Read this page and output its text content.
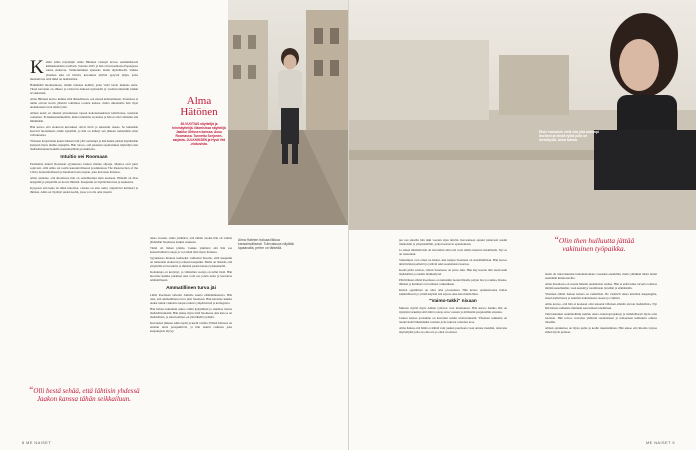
Kehitä Alma näyttelijät Alma Hätönen vainajat kertoo ensimmäisestä käännekohdasta urallaan. Vuonna 2025 ja hän oli kuvaamassa Espanjassa suurta elokuvaa. Valikoituminen ajaneetto tuntui täydelliseltä. Vaikka yhteinen aika oli tiivistä, kuvaukset jättivät pysyvät jäljen, jotka muistuttavat siitä mikä on mahdollista.

Haikähtäin huomaamaan, tehtiin tutustua kohtiin, jotka vielä toivat mukana uutta. Tässä kasvanut on ahkera ja tarttuvan mukaan nyttuneitä ja vaaliarvomuistiin kaikki arvokkaisiin.

Alma Hätönen kertoo kuinka siitä ihmeelliseen, sen edessä kohtaamiseen. Suomessa ei tunnu olevan kovin yhteistä toimintaa roolien kanssa, mutta ulkomailla hän löysi uudenlaisen tavan tehdä työtä.

Alman uusin on alkanut pirsuttuneen tapaan kokonaisuuksista kahviloissa, tuomaan vaalennot. Ei kulkusuunnitelmia, mutta tunnelma on kirkas ja hän ei olisi vaihtanut sitä mihinkään.

Hän kertoo että elokuvan kuvaukset olivat tiivis ja aikataulu raskas. Se kuitenkin kasvatti luottamusta omiin kykyihin, ja hän on nähnyt sen jälkeen tarkemmin omat vahvuutensa.

Yhteisen harjoittelun kautta hänestä tuli yhä varmempi ja hän halusi päästä näyttämään kykynsä myös muille ohjaajille. Hän toivoo, että jokainen suomalainen näyttelijä saisi mahdollisuuden kokeilla kansainvälisiä produktioita.

Intuitio vei Roomaan

Pariskunta muutti Roomaan syyskuussa Jaakon tilattua ohjaaja. Muutos osui juuri sopivasti, sillä Alma sai roolin kansainvälisessä produktiossa The Resurrection of the Christ. Kansainväliseen ja huomattavaan sarjaan, joka kuvataan Italiassa.

Alma ajattelee, että Roomassa hän on onnellisempi kuin koskaan. Hänellä on tilaa hengittää ja ympärillä on luovia ihmisiä. Kaupunki on täynnä historiaa ja kauneutta.

Kysyessä että kuka tai mikä innoittaa, vastaus on aina sama: ympäröivä kulttuuri ja ihmiset. Alma on löytänyt uuden kodin, jossa voi olla oma itsensä.

“Olli bestä sehää, että lähtisin yhdessä Jaakon kanssa tähän seikkailuun.
Alma Hätönen
36-VUOTIAS näyttelijä ja teininäyttelijä. Naimisissa näyttelijä Jaakko Ohtosen kanssa. Asuu Roomassa. Tunnettu Sorjonen-sarjasta, JULKKIKSEN ja Hyvä Veli -elokuvista.

takaa vuoden. Alma ymmärsi, että tämän vuoksi hän oli valmis jättämään Suomessa kaiken taakseen.

Tämä oli tärkeä päätös. Jaakko ymmärsi että hän saa kansainvälisiä rooleja ja voi tehdä töitä myös Italiassa.

Syyskuussa muuton kohteeksi valikoitui Rooma, sillä kaupunki on tunnetusti elokuvan ja taiteen kaupunki. Heille on tärkeää, että ympärillä on luovuutta ja ihmisiä joiden kanssa työskennellä.

Kontakteja on kertynyt, ja vähitellen rooleja on tullut lisää. Hän kuvailee kuinka jokainen uusi rooli tuo jotain uutta ja kasvattaa ammatillisesti.

Ammatillinen turva jäi

Lähtö Roomaan tarkoitti Almalle suurta elämänmuutosta. Hän tiesi, että ammatillinen turva jäisi Suomeen. Hän kuvailee kuinka aluksi tuntui vaikealta luopua tutusta ympäristöstä ja kollegoista.

Hän haluaa kuitenkin uskoa omiin kykyihinsä ja uskaltaa tarttua mahdollisuuksiin. Hän jatkaa myös töitä Suomessa aina kun se on mahdollista, ja siksi kotimaa on yhä lähellä sydäntä.

Kuvausten jälkeen Alma lepää ja kerää voimia. Elämä Italiassa on antanut uutta perspektiiviä, ja hän nauttii rauhasta joka kaupungista löytyy.

Alma Hatinen haluaa liikkua kansainvälisesti. Tulevaisuus näyttää lupaavalta, perhe on tärkeää.
8 ME NAISET
Etsin haluaisin vielä olla yhä aidompi itselleni ja tehdä työtä jolla on merkitystä, Alma toteaa.

jen tosi aikailla hän näki vuoden sijan ikävän. Kuvaamaan ajautui jatkuvasti uusiin tilanteisiin ja ympäristöihin, jotka haastoivat ajattelemaan.

Jo ennen lähtöään hän oli haaveillut siitä että voisi tehdä elokuvia maailmalla. Nyt se on toteutunut.

Vaikeimpia ovat olleet ne hetket, kun kaipuu Suomeen on suurimmillaan. Hän kertoo ikävöivänsä perhettä ja ystäviä sekä suomalaista luontoa.

Kesää pitää odottaa, silloin Suomessa on paras aika. Hän käy kotona niin usein kuin mahdollista ja nauttii mökkeilystä.

Päivittäinen elämä Roomassa on kuitenkin tuonut hänelle paljon iloa ja rauhaa. Ruoka, ihmiset ja kulttuuri ovat tehneet vaikutuksen.

Kielen oppiminen on ollut oma prosessinsa. Hän kertoo opiskelevansa italiaa säännöllisesti ja yrittää käyttää sitä arjessa aina kun mahdollista.

"Vaimo-takki" nixaan

Muuton myötä myös Alman työtavat ovat muuttuneet. Hän kertoo kuinka hän on nykyisin tarkempi siitä mitä rooleja ottaa vastaan ja millaisiin projekteihin sitoutuu.

Jaakon kanssa parisuhde on kasvanut uusiin ulottuvuuksiin. Yhteinen seikkailu on tuonut heitä lähemmäksi toisiaan ja he tukevat toistensa uraa.

Alma haluaa että häntä ei nähdä vain jonkun puolisona vaan omana itsenään, taitavana näyttelijänä jolla on oma ura ja omat tavoitteet.

“Olin then hulluutta jättää vakituinen työpaikka.

malla oli tulevaisuuteni tuntemattomana vasokkai enemmän, mutta yhtäkkiä niistä tuntui enemmän kiinnostavilta.

Alma Roomassa on tuonut hänelle uudenlaista rauhaa. Hän ei enää tunne tarvetta todistaa mitään kenellekään, vaan keskittyy nauttimaan työstään ja elämästään.

Yhteinen elämä Jaakon kanssa on rauhallista. He viettävät aikaa kävellen kaupungilla, istuen kahviloissa ja nauttien italialaisesta ruoasta ja viinistä.

Alma kertoo, että hän ei koskaan olisi uskonut tällaisen elämän olevan mahdollista. Nyt hän haluaa rohkaista muitakin seuraamaan unelmiaan.

Tulevaisuuden suunnitelmiin kuuluu uusia elokuvaprojekteja ja mahdollisesti myös oma tuotanto. Hän toivoo voivansa yhdistää suomalaisen ja italialaisen kulttuurin omissa töissään.

Alman ajatuksissa on myös perhe ja kodin rakentaminen. Hän uskoo että Rooma tarjoaa siihen hyvät puitteet.

ME NAISET 9
